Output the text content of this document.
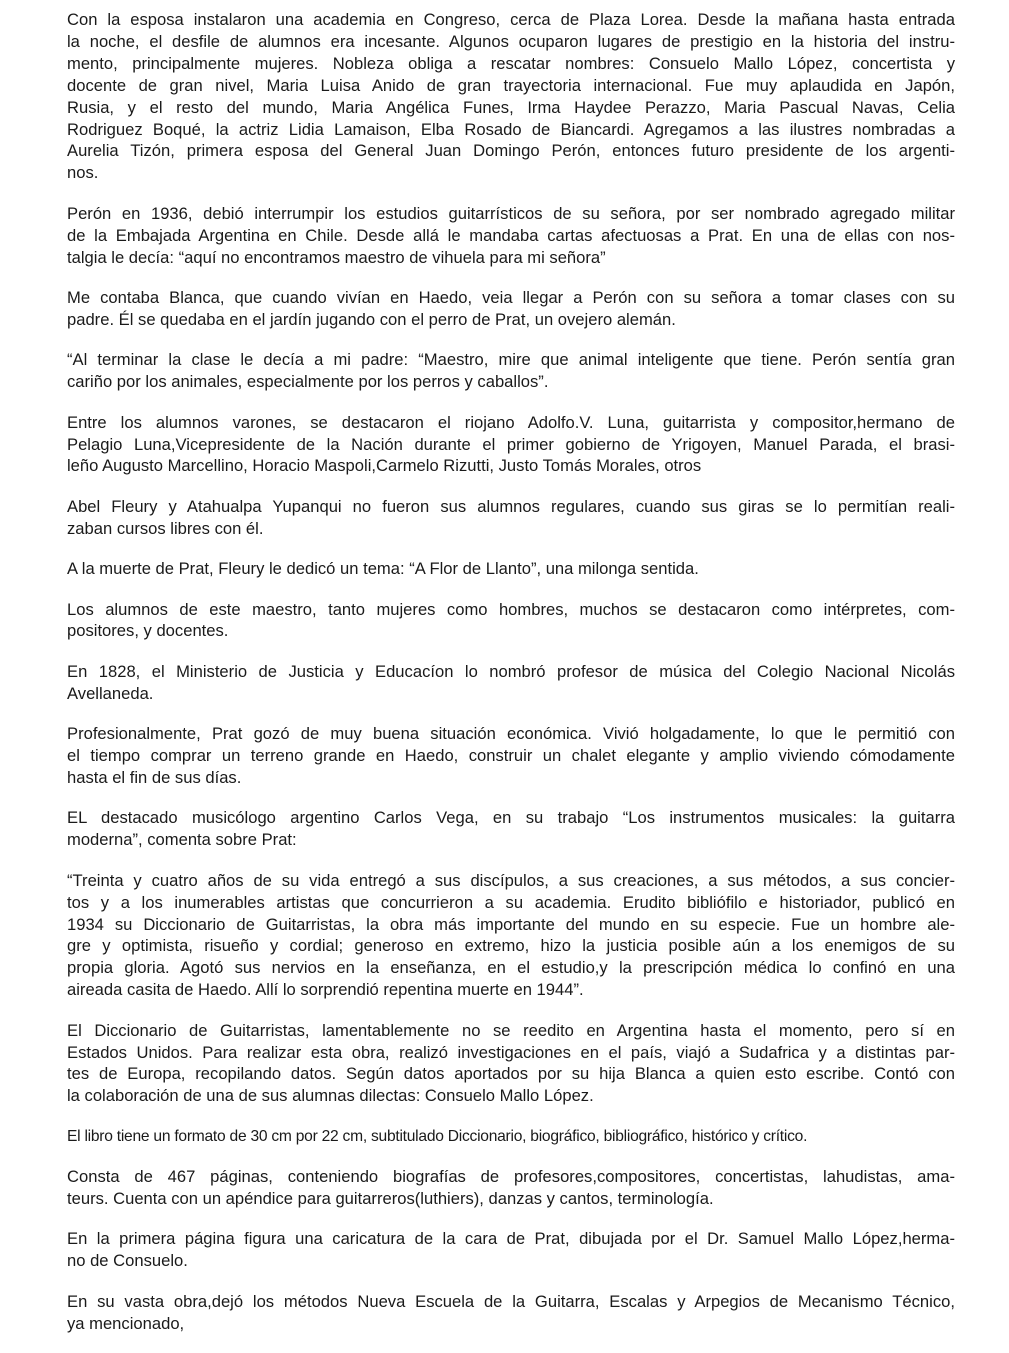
Con la esposa instalaron una academia en Congreso, cerca de Plaza Lorea. Desde la mañana hasta entrada
la noche, el desfile de alumnos era incesante. Algunos ocuparon lugares de prestigio en la historia del instru-
mento, principalmente mujeres. Nobleza obliga a rescatar nombres: Consuelo Mallo López, concertista y
docente de gran nivel, Maria Luisa Anido de gran trayectoria internacional. Fue muy aplaudida en Japón,
Rusia, y el resto del mundo, Maria Angélica Funes, Irma Haydee Perazzo, Maria Pascual Navas, Celia
Rodriguez Boqué, la actriz Lidia Lamaison, Elba Rosado de Biancardi. Agregamos a las ilustres nombradas a
Aurelia Tizón, primera esposa del General Juan Domingo Perón, entonces futuro presidente de los argenti-
nos.

Perón en 1936, debió interrumpir los estudios guitarrísticos de su señora, por ser nombrado agregado militar
de la Embajada Argentina en Chile. Desde allá le mandaba cartas afectuosas a Prat. En una de ellas con nos-
talgia le decía: “aquí no encontramos maestro de vihuela para mi señora”

Me contaba Blanca, que cuando vivían en Haedo, veia llegar a Perón con su señora a tomar clases con su
padre. Él se quedaba en el jardín jugando con el perro de Prat, un ovejero alemán.

“Al terminar la clase le decía a mi padre: “Maestro, mire que animal inteligente que tiene. Perón sentía gran
cariño por los animales, especialmente por los perros y caballos”.

Entre los alumnos varones, se destacaron el riojano Adolfo.V. Luna, guitarrista y compositor,hermano de
Pelagio Luna,Vicepresidente de la Nación durante el primer gobierno de Yrigoyen, Manuel Parada, el brasi-
leño Augusto Marcellino, Horacio Maspoli,Carmelo Rizutti, Justo Tomás Morales, otros

Abel Fleury y Atahualpa Yupanqui no fueron sus alumnos regulares, cuando sus giras se lo permitían reali-
zaban cursos libres con él.

A la muerte de Prat, Fleury le dedicó un tema: “A Flor de Llanto”, una milonga sentida.

Los alumnos de este maestro, tanto mujeres como hombres, muchos se destacaron como intérpretes, com-
positores, y docentes.

En 1828, el Ministerio de Justicia y Educacíon lo nombró profesor de música del Colegio Nacional Nicolás
Avellaneda.

Profesionalmente, Prat gozó de muy buena situación económica. Vivió holgadamente, lo que le permitió con
el tiempo comprar un terreno grande en Haedo, construir un chalet elegante y amplio viviendo cómodamente
hasta el fin de sus días.

EL destacado musicólogo argentino Carlos Vega, en su trabajo “Los instrumentos musicales: la guitarra
moderna”, comenta sobre Prat:

“Treinta y cuatro años de su vida entregó a sus discípulos, a sus creaciones, a sus métodos, a sus concier-
tos y a los inumerables artistas que concurrieron a su academia. Erudito bibliófilo e historiador, publicó en
1934 su Diccionario de Guitarristas, la obra más importante del mundo en su especie. Fue un hombre ale-
gre y optimista, risueño y cordial; generoso en extremo, hizo la justicia posible aún a los enemigos de su
propia gloria. Agotó sus nervios en la enseñanza, en el estudio,y la prescripción médica lo confinó en una
aireada casita de Haedo. Allí lo sorprendió repentina muerte en 1944”.

El Diccionario de Guitarristas, lamentablemente no se reedito en Argentina hasta el momento, pero sí en
Estados Unidos. Para realizar esta obra, realizó investigaciones en el país, viajó a Sudafrica y a distintas par-
tes de Europa, recopilando datos. Según datos aportados por su hija Blanca a quien esto escribe. Contó con
la colaboración de una de sus alumnas dilectas: Consuelo Mallo López.

El libro tiene un formato de 30 cm por 22 cm, subtitulado Diccionario, biográfico, bibliográfico, histórico y crítico.

Consta de 467 páginas, conteniendo biografías de profesores,compositores, concertistas, lahudistas, ama-
teurs. Cuenta con un apéndice para guitarreros(luthiers), danzas y cantos, terminología.

En la primera página figura una caricatura de la cara de Prat, dibujada por el Dr. Samuel Mallo López,herma-
no de Consuelo.

En su vasta obra,dejó los métodos Nueva Escuela de la Guitarra, Escalas y Arpegios de Mecanismo Técnico,
ya mencionado,
